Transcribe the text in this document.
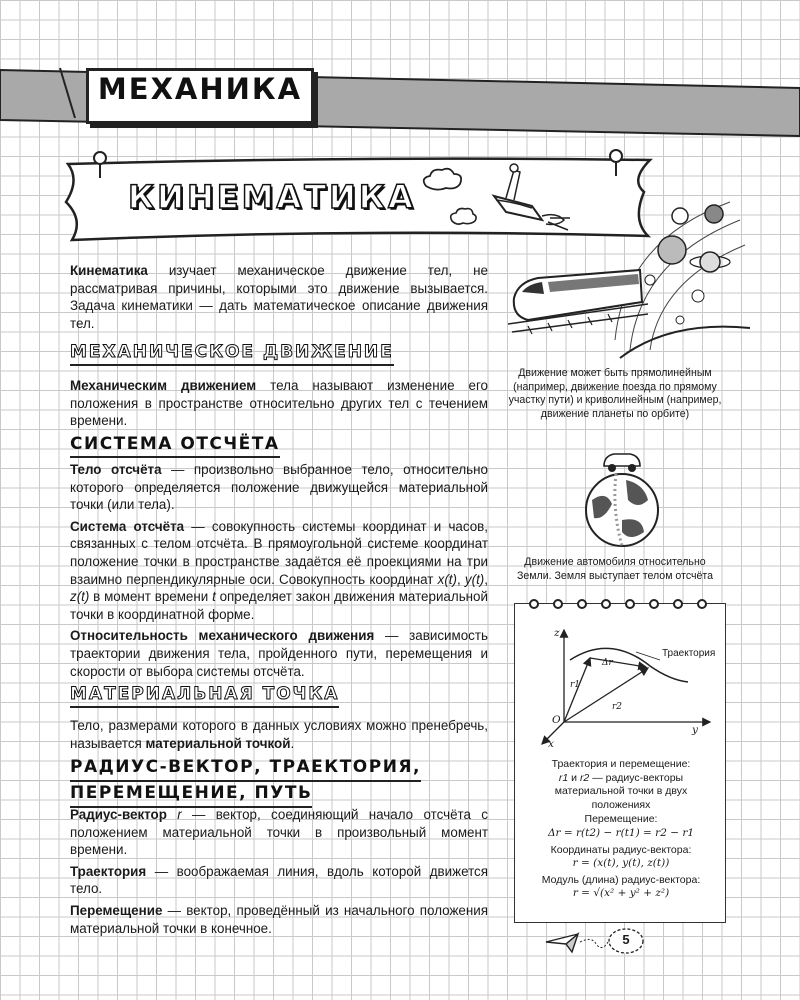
МЕХАНИКА
КИНЕМАТИКА

Кинематика изучает механическое движение тел, не рассматривая причины, которыми это движение вызывается. Задача кинематики — дать математическое описание движения тел.

МЕХАНИЧЕСКОЕ ДВИЖЕНИЕ

Механическим движением тела называют изменение его положения в пространстве относительно других тел с течением времени.

СИСТЕМА ОТСЧЁТА

Тело отсчёта — произвольно выбранное тело, относительно которого определяется положение движущейся материальной точки (или тела).

Система отсчёта — совокупность системы координат и часов, связанных с телом отсчёта. В прямоугольной системе координат положение точки в пространстве задаётся её проекциями на три взаимно перпендикулярные оси. Совокупность координат x(t), y(t), z(t) в момент времени t определяет закон движения материальной точки в координатной форме.

Относительность механического движения — зависимость траектории движения тела, пройденного пути, перемещения и скорости от выбора системы отсчёта.

МАТЕРИАЛЬНАЯ ТОЧКА

Тело, размерами которого в данных условиях можно пренебречь, называется материальной точкой.

РАДИУС-ВЕКТОР, ТРАЕКТОРИЯ,
ПЕРЕМЕЩЕНИЕ, ПУТЬ

Радиус-вектор $\overline{r}$ — вектор, соединяющий начало отсчёта с положением материальной точки в произвольный момент времени.

Траектория — воображаемая линия, вдоль которой движется тело.

Перемещение — вектор, проведённый из начального положения материальной точки в конечное.

Движение может быть прямолинейным (например, движение поезда по прямому участку пути) и криволинейным (например, движение планеты по орбите)
Движение автомобиля относительно Земли. Земля выступает телом отсчёта
z
y
x
O
Траектория
Δr
r1
r2
Траектория и перемещение:
r1 и r2 — радиус-векторы материальной точки в двух положениях
Перемещение:
Δr = r(t2) − r(t1) = r2 − r1
Координаты радиус-вектора:
r = (x(t), y(t), z(t))
Модуль (длина) радиус-вектора:
r = √(x² + y² + z²)
5
